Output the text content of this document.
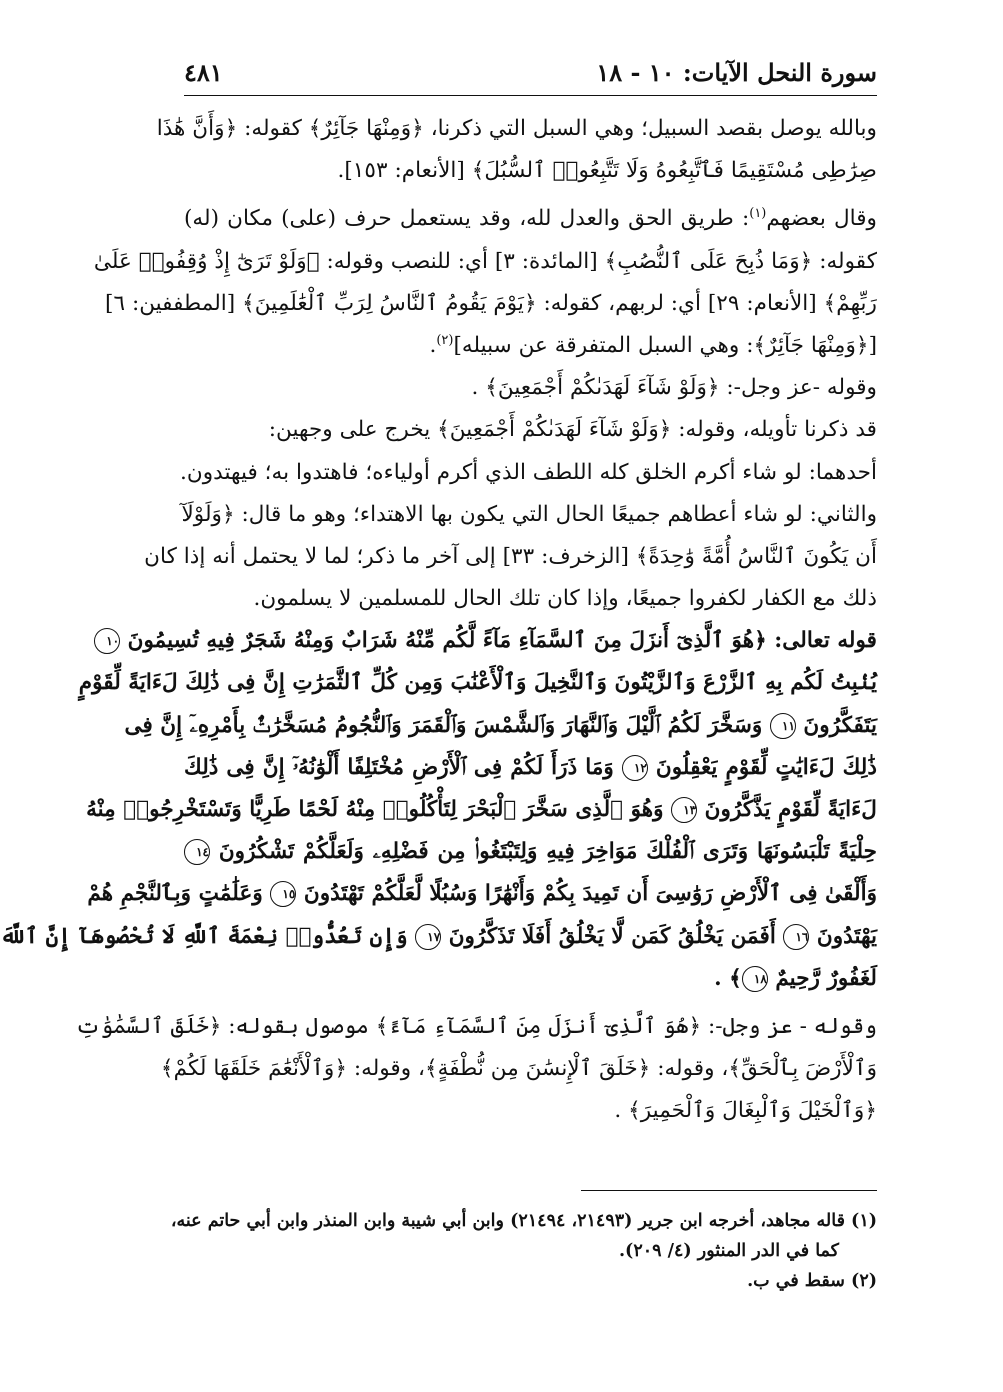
سورة النحل الآيات: ١٠ - ١٨
٤٨١
وبالله يوصل بقصد السبيل؛ وهي السبل التي ذكرنا، ﴿وَمِنْهَا جَآئِرٌ﴾ كقوله: ﴿وَأَنَّ هَٰذَا
صِرَٰطِى مُسْتَقِيمًا فَٱتَّبِعُوهُ وَلَا تَتَّبِعُوا۟ ٱلسُّبُلَ﴾ [الأنعام: ١٥٣].
وقال بعضهم$^{(١)}$: طريق الحق والعدل لله، وقد يستعمل حرف (على) مكان (له)
كقوله: ﴿وَمَا ذُبِحَ عَلَى ٱلنُّصُبِ﴾ [المائدة: ٣] أي: للنصب وقوله: ﴿وَلَوْ تَرَىٰٓ إِذْ وُقِفُوا۟ عَلَىٰ
رَبِّهِمْ﴾ [الأنعام: ٢٩] أي: لربهم، كقوله: ﴿يَوْمَ يَقُومُ ٱلنَّاسُ لِرَبِّ ٱلْعَٰلَمِينَ﴾ [المطففين: ٦]
[﴿وَمِنْهَا جَآئِرٌ﴾: وهي السبل المتفرقة عن سبيله]$^{(٢)}$.
وقوله -عز وجل-: ﴿وَلَوْ شَآءَ لَهَدَىٰكُمْ أَجْمَعِينَ﴾ .
قد ذكرنا تأويله، وقوله: ﴿وَلَوْ شَآءَ لَهَدَىٰكُمْ أَجْمَعِينَ﴾ يخرج على وجهين:
أحدهما: لو شاء أكرم الخلق كله اللطف الذي أكرم أولياءه؛ فاهتدوا به؛ فيهتدون.
والثاني: لو شاء أعطاهم جميعًا الحال التي يكون بها الاهتداء؛ وهو ما قال: ﴿وَلَوْلَآ
أَن يَكُونَ ٱلنَّاسُ أُمَّةً وَٰحِدَةً﴾ [الزخرف: ٣٣] إلى آخر ما ذكر؛ لما لا يحتمل أنه إذا كان
ذلك مع الكفار لكفروا جميعًا، وإذا كان تلك الحال للمسلمين لا يسلمون.
قوله تعالى: ﴿هُوَ ٱلَّذِىٓ أَنزَلَ مِنَ ٱلسَّمَآءِ مَآءً لَّكُم مِّنْهُ شَرَابٌ وَمِنْهُ شَجَرٌ فِيهِ تُسِيمُونَ ١٠
يُنۢبِتُ لَكُم بِهِ ٱلزَّرْعَ وَٱلزَّيْتُونَ وَٱلنَّخِيلَ وَٱلْأَعْنَٰبَ وَمِن كُلِّ ٱلثَّمَرَٰتِ إِنَّ فِى ذَٰلِكَ لَءَايَةً لِّقَوْمٍ
يَتَفَكَّرُونَ ١١ وَسَخَّرَ لَكُمُ ٱلَّيْلَ وَٱلنَّهَارَ وَٱلشَّمْسَ وَٱلْقَمَرَ وَٱلنُّجُومُ مُسَخَّرَٰتٌۢ بِأَمْرِهِۦٓ إِنَّ فِى
ذَٰلِكَ لَءَايَٰتٍ لِّقَوْمٍ يَعْقِلُونَ ١٢ وَمَا ذَرَأَ لَكُمْ فِى ٱلْأَرْضِ مُخْتَلِفًا أَلْوَٰنُهُۥٓ إِنَّ فِى ذَٰلِكَ
لَءَايَةً لِّقَوْمٍ يَذَّكَّرُونَ ١٣ وَهُوَ ٱلَّذِى سَخَّرَ ٱلْبَحْرَ لِتَأْكُلُوا۟ مِنْهُ لَحْمًا طَرِيًّا وَتَسْتَخْرِجُوا۟ مِنْهُ
حِلْيَةً تَلْبَسُونَهَا وَتَرَى ٱلْفُلْكَ مَوَاخِرَ فِيهِ وَلِتَبْتَغُوا۟ مِن فَضْلِهِۦ وَلَعَلَّكُمْ تَشْكُرُونَ ١٤
وَأَلْقَىٰ فِى ٱلْأَرْضِ رَوَٰسِىَ أَن تَمِيدَ بِكُمْ وَأَنْهَٰرًا وَسُبُلًا لَّعَلَّكُمْ تَهْتَدُونَ ١٥ وَعَلَٰمَٰتٍ وَبِٱلنَّجْمِ هُمْ
يَهْتَدُونَ ١٦ أَفَمَن يَخْلُقُ كَمَن لَّا يَخْلُقُ أَفَلَا تَذَكَّرُونَ ١٧ وَإِن تَعُدُّوا۟ نِعْمَةَ ٱللَّهِ لَا تُحْصُوهَآ إِنَّ ٱللَّهَ
لَغَفُورٌ رَّحِيمٌ ١٨﴾ .
وقوله - عز وجل-: ﴿هُوَ ٱلَّذِىٓ أَنزَلَ مِنَ ٱلسَّمَآءِ مَآءً﴾ موصول بقوله: ﴿خَلَقَ ٱلسَّمَٰوَٰتِ
وَٱلْأَرْضَ بِٱلْحَقِّ﴾، وقوله: ﴿خَلَقَ ٱلْإِنسَٰنَ مِن نُّطْفَةٍ﴾، وقوله: ﴿وَٱلْأَنْعَٰمَ خَلَقَهَا لَكُمْ﴾
﴿وَٱلْخَيْلَ وَٱلْبِغَالَ وَٱلْحَمِيرَ﴾ .
(١) قاله مجاهد، أخرجه ابن جرير (٢١٤٩٣، ٢١٤٩٤) وابن أبي شيبة وابن المنذر وابن أبي حاتم عنه،
كما في الدر المنثور (٤/ ٢٠٩).
(٢) سقط في ب.
